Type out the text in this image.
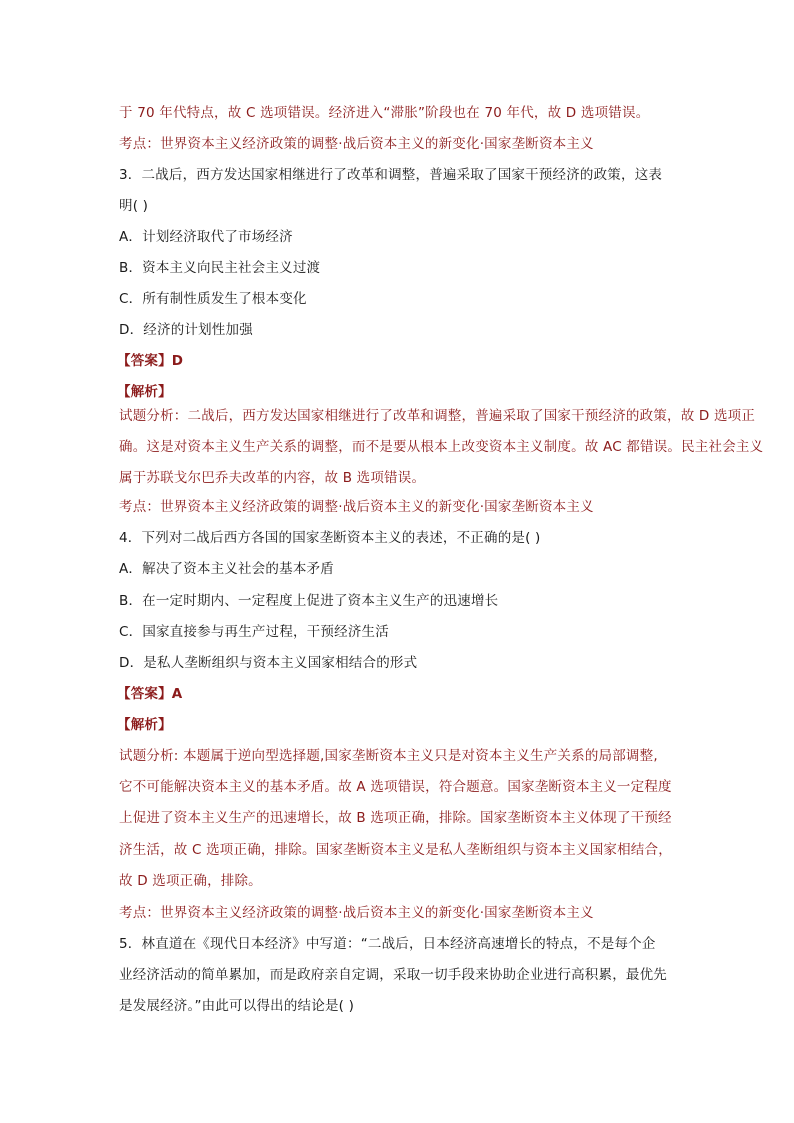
于 70 年代特点，故 C 选项错误。经济进入“滞胀”阶段也在 70 年代，故 D 选项错误。
考点：世界资本主义经济政策的调整·战后资本主义的新变化·国家垄断资本主义
3．二战后，西方发达国家相继进行了改革和调整，普遍采取了国家干预经济的政策，这表
明( )
A．计划经济取代了市场经济
B．资本主义向民主社会主义过渡
C．所有制性质发生了根本变化
D．经济的计划性加强
【答案】D
【解析】
试题分析：二战后，西方发达国家相继进行了改革和调整，普遍采取了国家干预经济的政策，故 D 选项正
确。这是对资本主义生产关系的调整，而不是要从根本上改变资本主义制度。故 AC 都错误。民主社会主义
属于苏联戈尔巴乔夫改革的内容，故 B 选项错误。
考点：世界资本主义经济政策的调整·战后资本主义的新变化·国家垄断资本主义
4．下列对二战后西方各国的国家垄断资本主义的表述，不正确的是( )
A．解决了资本主义社会的基本矛盾
B．在一定时期内、一定程度上促进了资本主义生产的迅速增长
C．国家直接参与再生产过程，干预经济生活
D．是私人垄断组织与资本主义国家相结合的形式
【答案】A
【解析】
试题分析: 本题属于逆向型选择题,国家垄断资本主义只是对资本主义生产关系的局部调整,
它不可能解决资本主义的基本矛盾。故 A 选项错误，符合题意。国家垄断资本主义一定程度
上促进了资本主义生产的迅速增长，故 B 选项正确，排除。国家垄断资本主义体现了干预经
济生活，故 C 选项正确，排除。国家垄断资本主义是私人垄断组织与资本主义国家相结合，
故 D 选项正确，排除。
考点：世界资本主义经济政策的调整·战后资本主义的新变化·国家垄断资本主义
5．林直道在《现代日本经济》中写道：“二战后，日本经济高速增长的特点，不是每个企
业经济活动的简单累加，而是政府亲自定调，采取一切手段来协助企业进行高积累，最优先
是发展经济。”由此可以得出的结论是( )
